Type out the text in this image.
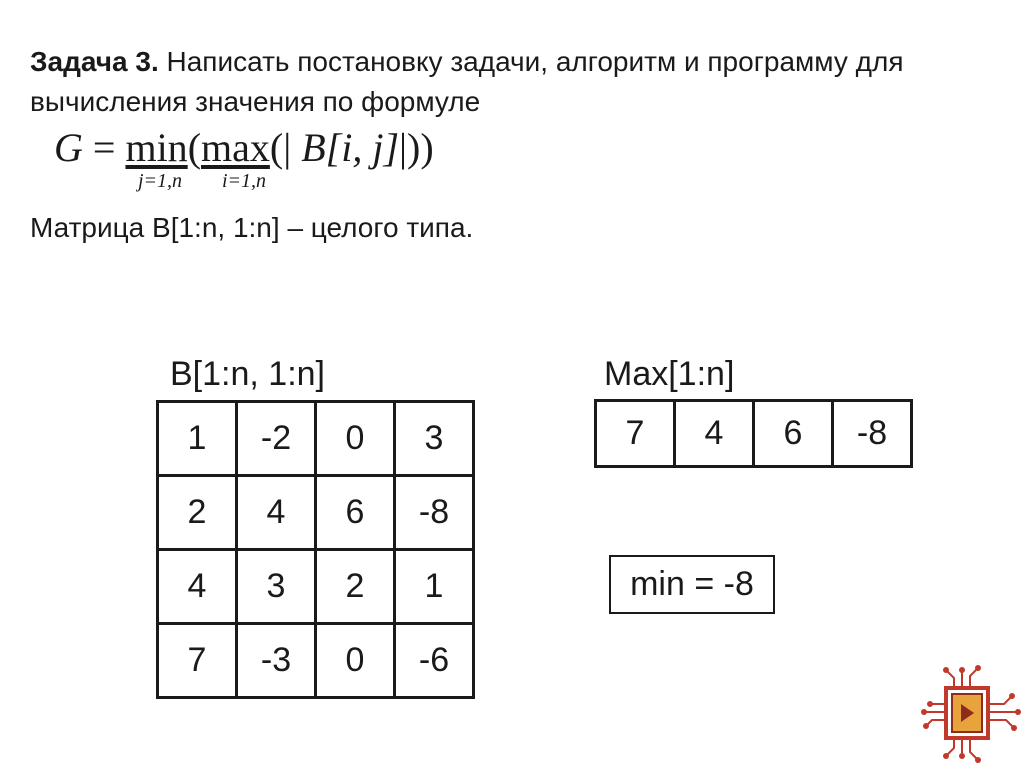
Задача 3. Написать постановку задачи, алгоритм и программу для вычисления значения по формуле
G = min(max(| B[i, j]|))
j=1,n i=1,n
Матрица В[1:n, 1:n] – целого типа.
B[1:n, 1:n]
1	-2	0	3
2	4	6	-8
4	3	2	1
7	-3	0	-6
Max[1:n]
7	4	6	-8
min = -8
